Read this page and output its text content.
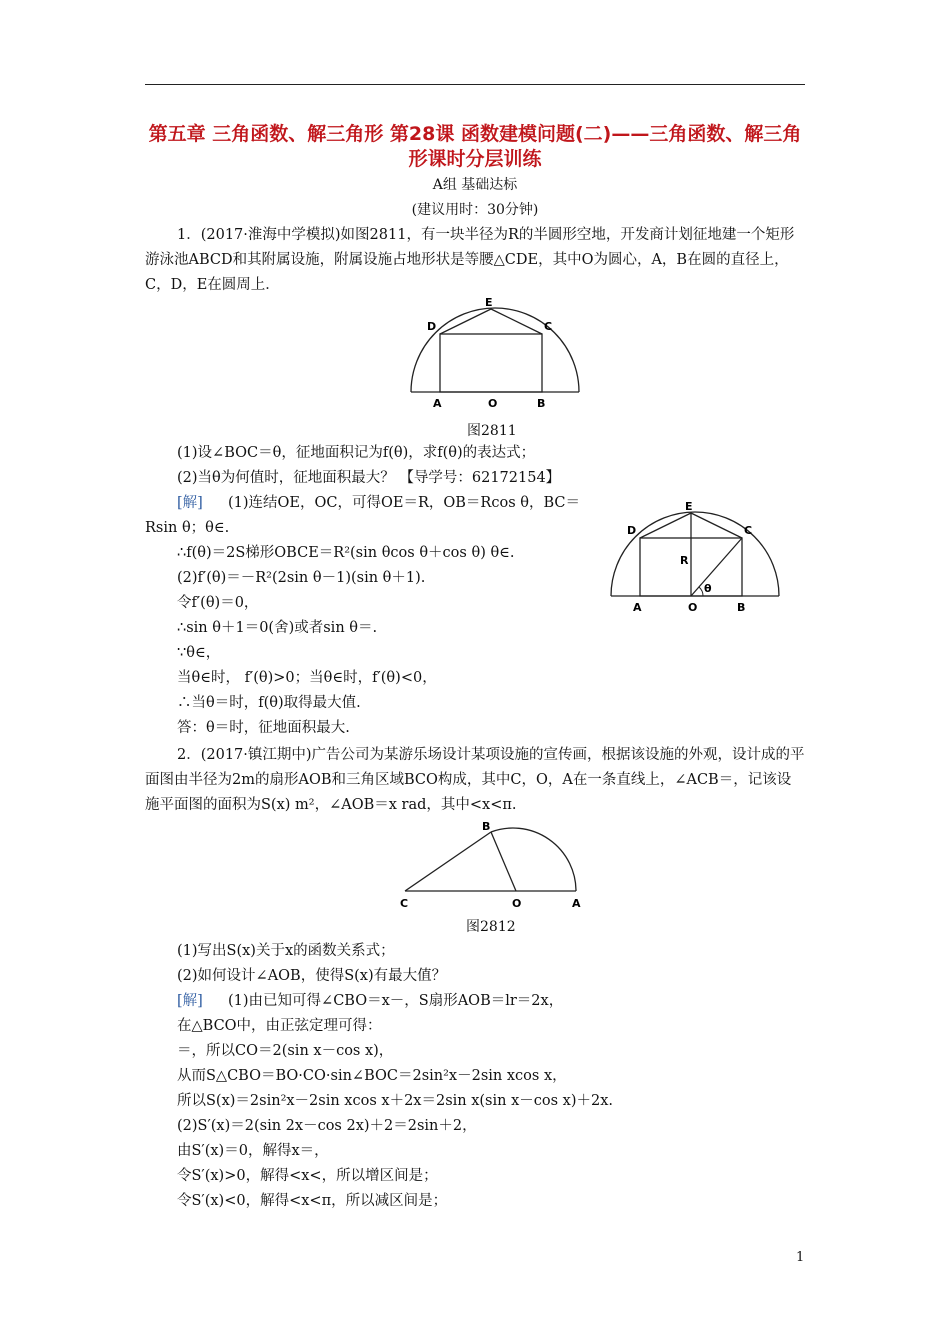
第五章 三角函数、解三角形 第28课 函数建模问题(二)——三角函数、解三角形课时分层训练
A组 基础达标
(建议用时：30分钟)
1．(2017·淮海中学模拟)如图2811，有一块半径为R的半圆形空地，开发商计划征地建一个矩形游泳池ABCD和其附属设施，附属设施占地形状是等腰△CDE，其中O为圆心，A，B在圆的直径上，C，D，E在圆周上．
E
D	C
A	O	B
图2811
(1)设∠BOC＝θ，征地面积记为f(θ)，求f(θ)的表达式；
(2)当θ为何值时，征地面积最大？ 【导学号：62172154】
[解] (1)连结OE，OC，可得OE＝R，OB＝Rcos θ，BC＝
Rsin θ；θ∈.
∴f(θ)＝2S梯形OBCE＝R²(sin θcos θ＋cos θ) θ∈.
(2)f′(θ)＝－R²(2sin θ－1)(sin θ＋1).
令f′(θ)＝0，
∴sin θ＋1＝0(舍)或者sin θ＝.
∵θ∈，
当θ∈时， f′(θ)>0；当θ∈时，f′(θ)<0，
∴当θ＝时，f(θ)取得最大值.
答：θ＝时，征地面积最大.
E
D	C
R
θ
A	O	B
2．(2017·镇江期中)广告公司为某游乐场设计某项设施的宣传画，根据该设施的外观，设计成的平面图由半径为2m的扇形AOB和三角区域BCO构成，其中C，O，A在一条直线上，∠ACB＝，记该设施平面图的面积为S(x) m²，∠AOB＝x rad，其中<x<π.
B
C	O	A
图2812
(1)写出S(x)关于x的函数关系式；
(2)如何设计∠AOB，使得S(x)有最大值？
[解] (1)由已知可得∠CBO＝x－，S扇形AOB＝lr＝2x，
在△BCO中，由正弦定理可得：
＝，所以CO＝2(sin x－cos x)，
从而S△CBO＝BO·CO·sin∠BOC＝2sin²x－2sin xcos x，
所以S(x)＝2sin²x－2sin xcos x＋2x＝2sin x(sin x－cos x)＋2x.
(2)S′(x)＝2(sin 2x－cos 2x)＋2＝2sin＋2，
由S′(x)＝0，解得x＝，
令S′(x)>0，解得<x<，所以增区间是；
令S′(x)<0，解得<x<π，所以减区间是；
1
